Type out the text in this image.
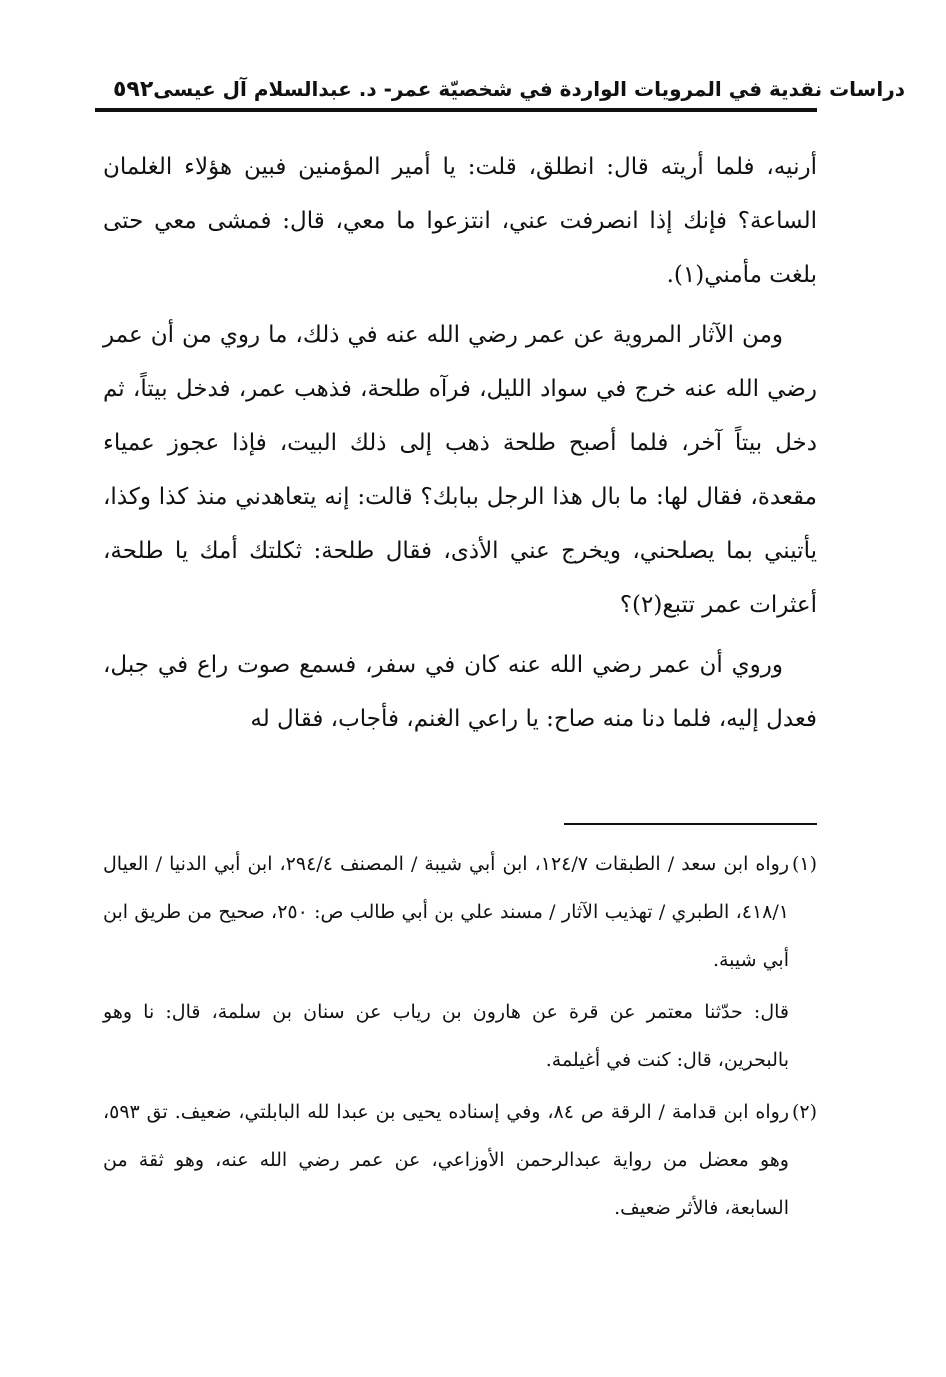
دراسات نقدية في المرويات الواردة في شخصيّة عمر- د. عبدالسلام آل عيسى
٥٩٢

أرنيه، فلما أريته قال: انطلق، قلت: يا أمير المؤمنين فبين هؤلاء الغلمان الساعة؟ فإنك إذا انصرفت عني، انتزعوا ما معي، قال: فمشى معي حتى بلغت مأمني(١).

ومن الآثار المروية عن عمر رضي الله عنه في ذلك، ما روي من أن عمر رضي الله عنه خرج في سواد الليل، فرآه طلحة، فذهب عمر، فدخل بيتاً، ثم دخل بيتاً آخر، فلما أصبح طلحة ذهب إلى ذلك البيت، فإذا عجوز عمياء مقعدة، فقال لها: ما بال هذا الرجل ببابك؟ قالت: إنه يتعاهدني منذ كذا وكذا، يأتيني بما يصلحني، ويخرج عني الأذى، فقال طلحة: ثكلتك أمك يا طلحة، أعثرات عمر تتبع(٢)؟

وروي أن عمر رضي الله عنه كان في سفر، فسمع صوت راع في جبل، فعدل إليه، فلما دنا منه صاح: يا راعي الغنم، فأجاب، فقال له

(١)رواه ابن سعد / الطبقات ١٢٤/٧، ابن أبي شيبة / المصنف ٢٩٤/٤، ابن أبي الدنيا / العيال ٤١٨/١، الطبري / تهذيب الآثار / مسند علي بن أبي طالب ص: ٢٥٠، صحيح من طريق ابن أبي شيبة.

قال: حدّثنا معتمر عن قرة عن هارون بن رياب عن سنان بن سلمة، قال: نا وهو بالبحرين، قال: كنت في أغيلمة.

(٢)رواه ابن قدامة / الرقة ص ٨٤، وفي إسناده يحيى بن عبدا لله البابلتي، ضعيف. تق ٥٩٣، وهو معضل من رواية عبدالرحمن الأوزاعي، عن عمر رضي الله عنه، وهو ثقة من السابعة، فالأثر ضعيف.
